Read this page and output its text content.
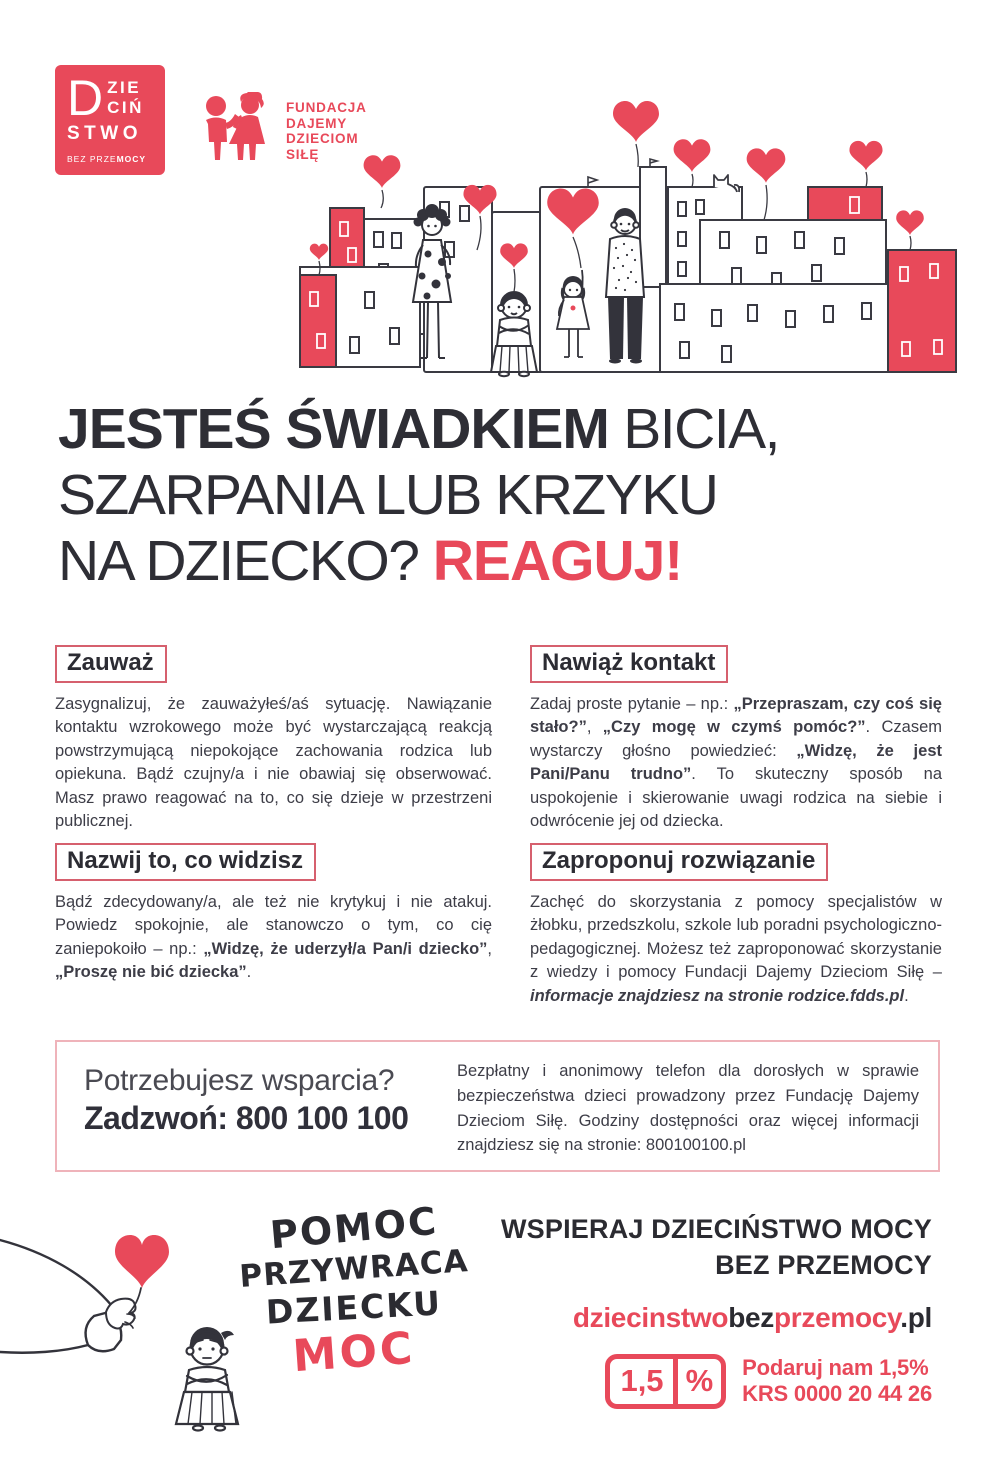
D ZIE
CIŃ
STWO
BEZ PRZEMOCY
FUNDACJA
DAJEMY
DZIECIOM
SIŁĘ
JESTEŚ ŚWIADKIEM BICIA,
SZARPANIA LUB KRZYKU
NA DZIECKO? REAGUJ!
Zauważ
Zasygnalizuj, że zauważyłeś/aś sytuację. Nawiązanie kontaktu wzrokowego może być wystarczającą reakcją powstrzymującą niepokojące zachowania rodzica lub opiekuna. Bądź czujny/a i nie obawiaj się obserwować. Masz prawo reagować na to, co się dzieje w przestrzeni publicznej.
Nawiąż kontakt
Zadaj proste pytanie – np.: „Przepraszam, czy coś się stało?”, „Czy mogę w czymś pomóc?”. Czasem wystarczy głośno powiedzieć: „Widzę, że jest Pani/Panu trudno”. To skuteczny sposób na uspokojenie i skierowanie uwagi rodzica na siebie i odwrócenie jej od dziecka.
Nazwij to, co widzisz
Bądź zdecydowany/a, ale też nie krytykuj i nie atakuj. Powiedz spokojnie, ale stanowczo o tym, co cię zaniepokoiło – np.: „Widzę, że uderzył/a Pan/i dziecko”, „Proszę nie bić dziecka”.
Zaproponuj rozwiązanie
Zachęć do skorzystania z pomocy specjalistów w żłobku, przedszkolu, szkole lub poradni psychologiczno-pedagogicznej. Możesz też zaproponować skorzystanie z wiedzy i pomocy Fundacji Dajemy Dzieciom Siłę – informacje znajdziesz na stronie rodzice.fdds.pl.
Potrzebujesz wsparcia?
Zadzwoń: 800 100 100
Bezpłatny i anonimowy telefon dla dorosłych w sprawie bezpieczeństwa dzieci prowadzony przez Fundację Dajemy Dzieciom Siłę. Godziny dostępności oraz więcej informacji znajdziesz się na stronie: 800100100.pl
POMOC
PRZYWRACA
DZIECKU
MOC
WSPIERAJ DZIECIŃSTWO MOCY
BEZ PRZEMOCY
dziecinstwobezprzemocy.pl
1,5 %	Podaruj nam 1,5%
KRS 0000 20 44 26
